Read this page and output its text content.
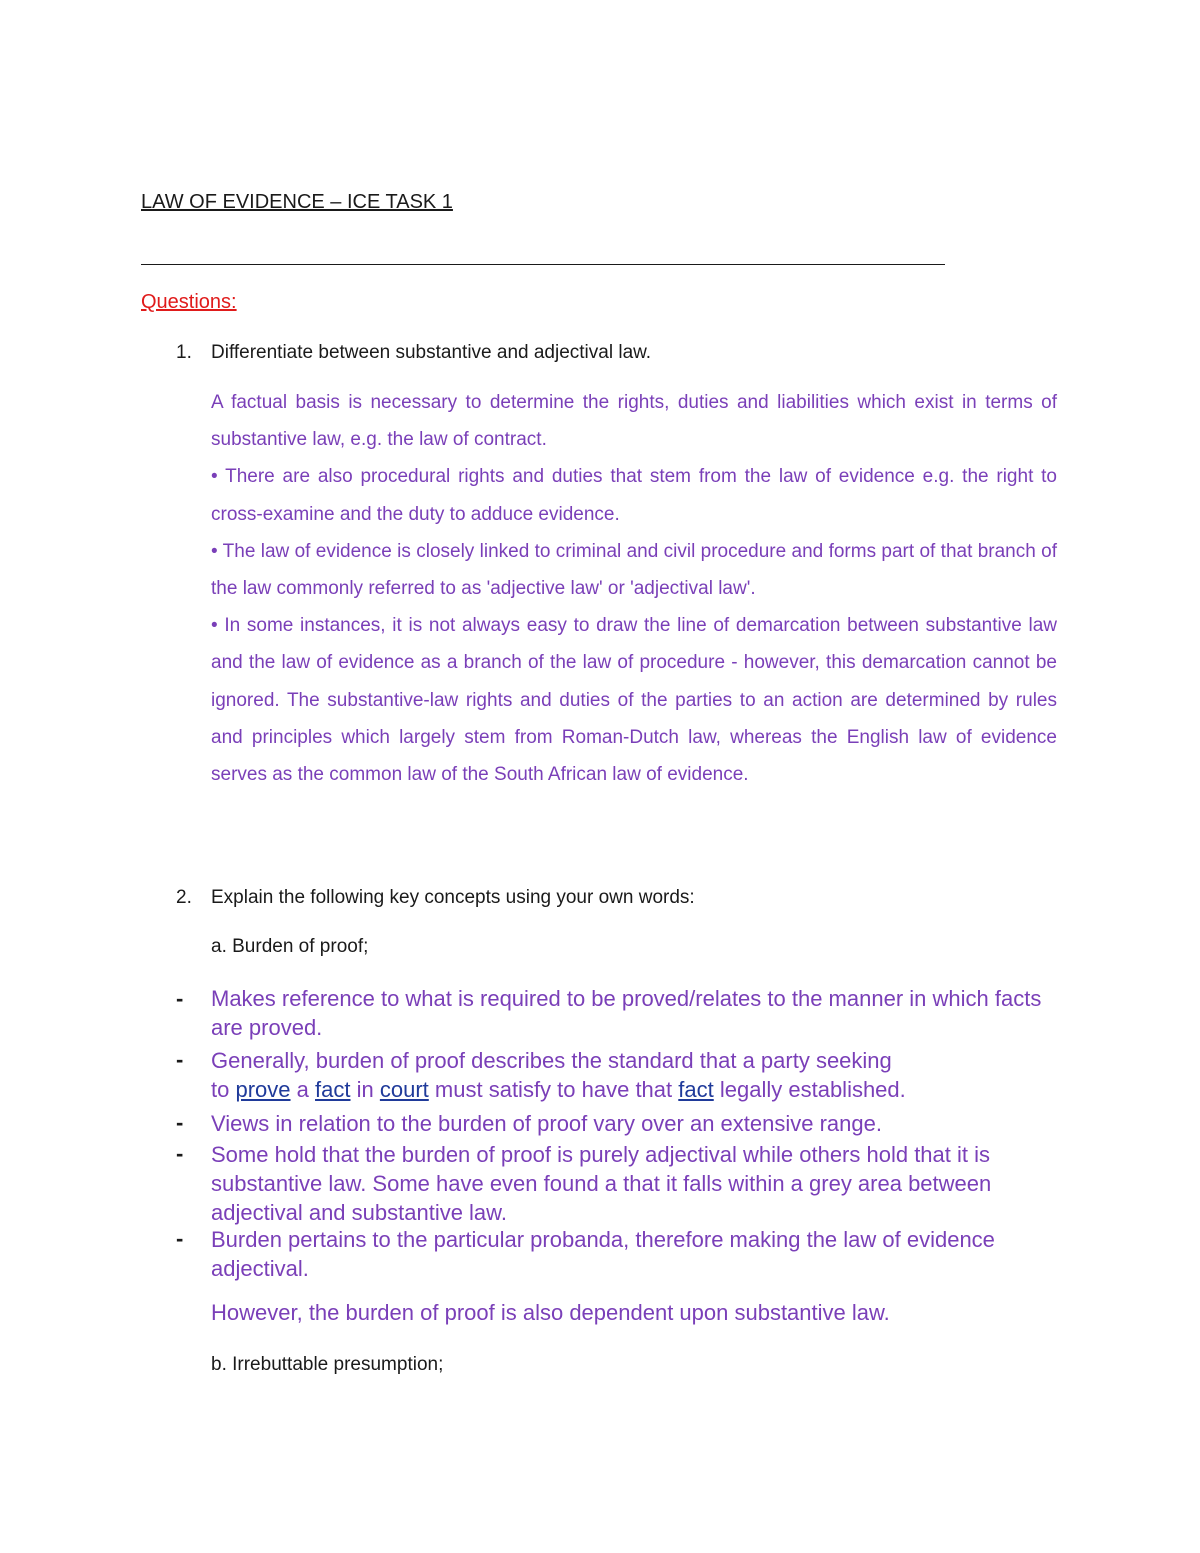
LAW OF EVIDENCE – ICE TASK 1
Questions:
1. Differentiate between substantive and adjectival law.

A factual basis is necessary to determine the rights, duties and liabilities which exist in terms of substantive law, e.g. the law of contract.

• There are also procedural rights and duties that stem from the law of evidence e.g. the right to cross-examine and the duty to adduce evidence.

• The law of evidence is closely linked to criminal and civil procedure and forms part of that branch of the law commonly referred to as 'adjective law' or 'adjectival law'.

• In some instances, it is not always easy to draw the line of demarcation between substantive law and the law of evidence as a branch of the law of procedure - however, this demarcation cannot be ignored. The substantive-law rights and duties of the parties to an action are determined by rules and principles which largely stem from Roman-Dutch law, whereas the English law of evidence serves as the common law of the South African law of evidence.

2. Explain the following key concepts using your own words:
a. Burden of proof;
- Makes reference to what is required to be proved/relates to the manner in which facts are proved.
- Generally, burden of proof describes the standard that a party seeking
to prove a fact in court must satisfy to have that fact legally established.
- Views in relation to the burden of proof vary over an extensive range.
- Some hold that the burden of proof is purely adjectival while others hold that it is substantive law. Some have even found a that it falls within a grey area between adjectival and substantive law.
- Burden pertains to the particular probanda, therefore making the law of evidence adjectival.
However, the burden of proof is also dependent upon substantive law.
b. Irrebuttable presumption;
